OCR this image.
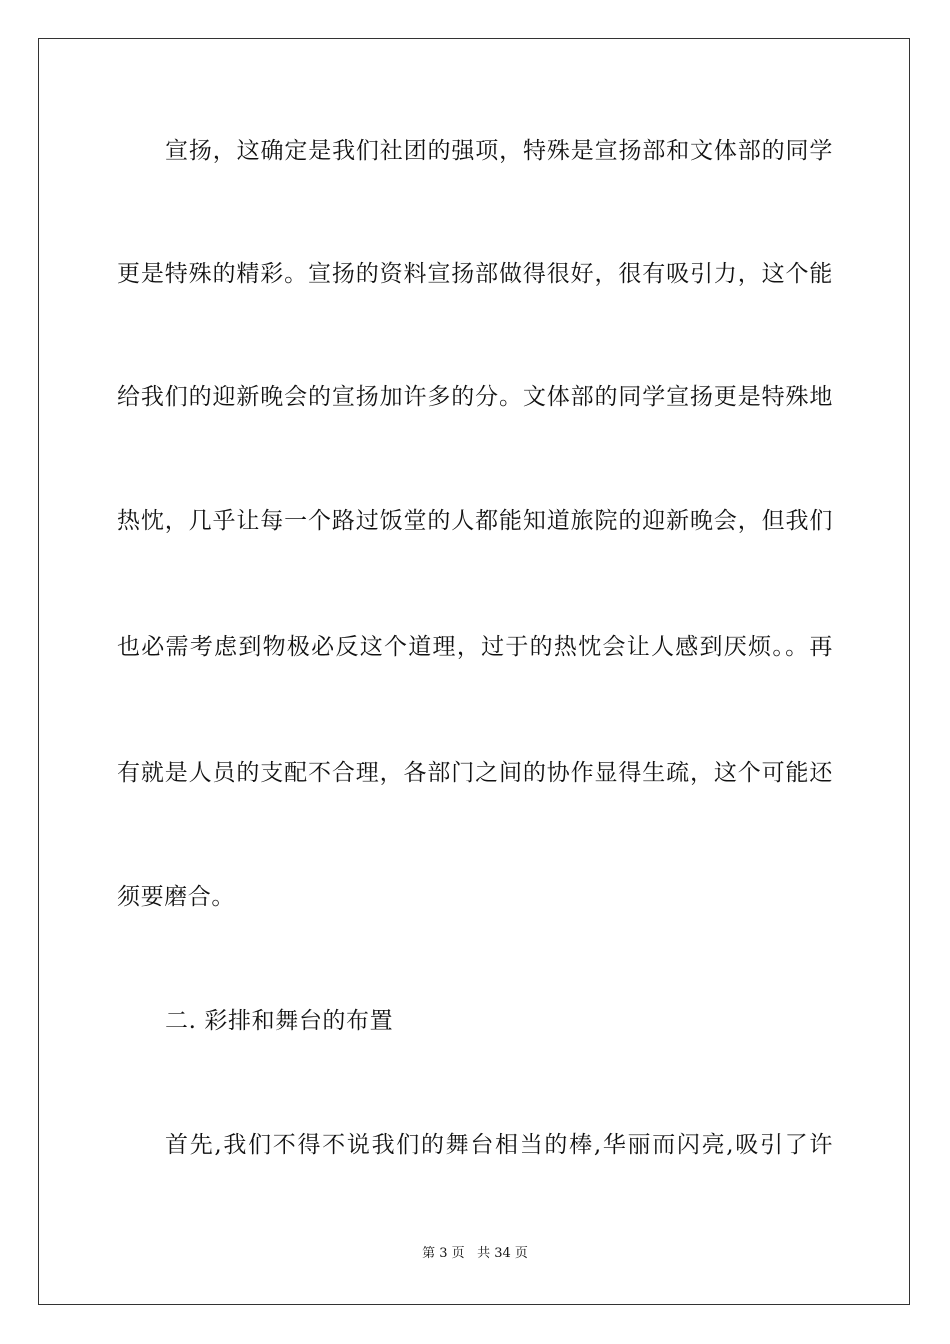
宣扬，这确定是我们社团的强项，特殊是宣扬部和文体部的同学
更是特殊的精彩。宣扬的资料宣扬部做得很好，很有吸引力，这个能
给我们的迎新晚会的宣扬加许多的分。文体部的同学宣扬更是特殊地
热忱，几乎让每一个路过饭堂的人都能知道旅院的迎新晚会，但我们
也必需考虑到物极必反这个道理，过于的热忱会让人感到厌烦。。再
有就是人员的支配不合理，各部门之间的协作显得生疏，这个可能还
须要磨合。
二. 彩排和舞台的布置
首先,我们不得不说我们的舞台相当的棒,华丽而闪亮,吸引了许
第 3 页 共 34 页
